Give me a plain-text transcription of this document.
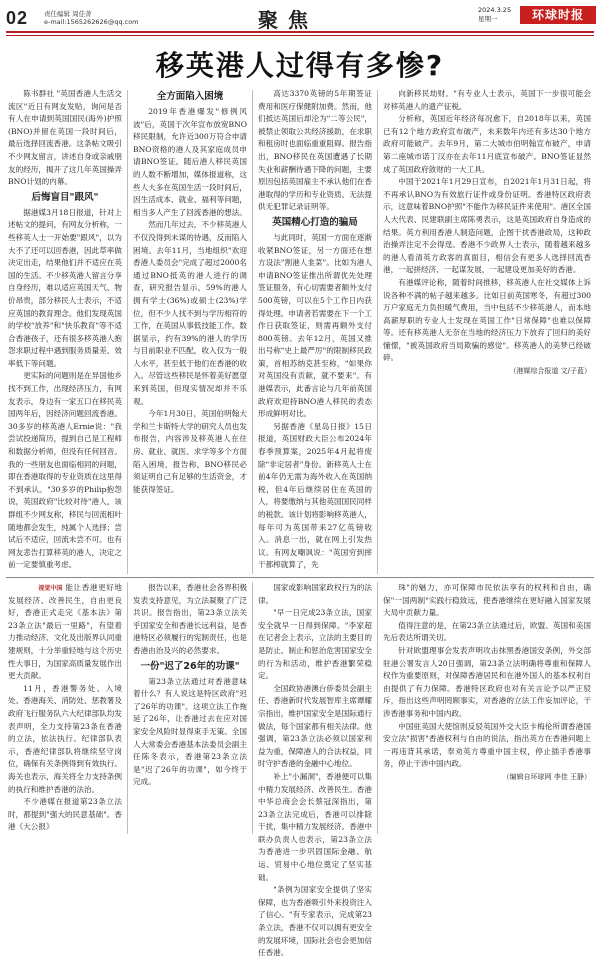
02 责任编辑 周佳菁
e-mail:1565262626@qq.com	聚焦	2024.3.25
星期一	环球时报
移英港人过得有多惨?

陈书群社 "英国香港人生活交流区"近日有网友发贴，询问是否有人在申请到英国国民(海外)护照(BNO)并留在英国一段时间后，最后选择回流香港。这条帖文吸引不少网友留言，讲述自身或亲戚朋友的经历，揭开了这几年英国操弄BNO计划的内幕。

后悔盲目"跟风"

据港媒3月18日报道，针对上述帖文的提问，有网友分析称，一些移英人士一开始要"跟风"，以为大不了还可以回香港，因此草率做决定出走，结果他们并不适应在英国的生活。不少移英港人留言分享自身经历，难以适应英国天气、物价昂贵，部分移民人士表示，不适应英国的教育理念。他们发现英国的学校"放养"和"快乐教育"等不适合香港孩子，还有很多移英港人抱怨求职过程中遇到服务质量差、效率低下等问题。

更实际的问题则是在异国他乡找不到工作，出现经济压力，有网友表示，身边有一家五口在移民英国两年后，因经济问题回流香港。30多岁的移英港人Ernie说："我尝试投递简历，提到自己是工程师和数据分析师，但没有任何回音。我的一些朋友也面临相同的问题，即在香港取得的专业资质在这里得不到承认。"30多岁的Philip抱怨说，英国政府"比较对待"港人，该群组不少网友称，移民与回流相叶随地都会发生，纯属个人选择；尝试后不适应，回流未尝不可。也有网友悲告打算移英的港人，决定之前一定要慎重考虑。

全方面陷入困境

2019年香港爆发"修例风波"后，英国于次年宣布放宽BNO移民限制，允许近300万符合申请BNO资格的港人及其家庭成员申请BNO签证。随后港人移民英国的人数不断增加，媒体报道称，这些人大多在英国生活一段时间后，因生活成本、就业、福利等问题，相当多人产生了回流香港的想法。

然而几年过去，不少移英港人不仅没得到未谋的待遇，反而陷入困境。去年11月，当地组织"欢迎香港人委员会"完成了超过2000名通过BNO抵英的港人进行的调查，研究报告显示，59%的港人拥有学士(36%)或硕士(23%)学位，但不少人找不到与学历相符的工作，在英国从事低技能工作。数据显示，约有39%的港人的学历与目前职业不匹配，收入仅为一般人水平，甚至低于他们在香港的收入。尽管这些移民是怀着美好愿望来到英国，但现实情况却并不乐观。

今年1月30日，英国伯明翰大学和兰卡斯特大学的研究人员也发布报告，内容涉及移英港人在住房、就业、就医、求学等多个方面陷入困境，报告称，BNO移民必须证明自己有足够的生活资金，才能获得签证。

高达3370英镑的5年期签证费用和医疗保健附加费。然而，他们抵达英国后却沦为"二等公民"，被禁止领取公共经济援助，在求职和租房时也面临重重阻碍。报告指出，BNO移民在英国遭遇了长期失业和薪酬待遇下降的问题，主要原因包括英国雇主不承认他们在香港取得的学历和专业资质、无法提供无犯罪记录证明等。

英国精心打造的骗局

与此同时，英国一方面在逐渐收紧BNO签证，另一方面还在想方设法"割港人韭菜"。比如为港人申请BNO签证推出所谓优先处理签证服务，有心切需要者额外支付500英镑，可以在5个工作日内获得处理。申请者若需要在下一个工作日获取签证，则需再额外支付800英镑。去年12月，英国又推出号称"史上最严厉"的限制移民政策，首相苏纳克甚至称，"如果你对英国没有贡献，就不要来"。有港媒表示，此番言论与几年前英国政府欢迎持BNO港人移民的表态形成鲜明对比。

另据香港《星岛日报》15日报道，英国财政大臣公布2024年春季预算案，2025年4月起将废除"非定居者"身份。新移英人士在前4年仍无需为海外收入在英国纳税，但4年后继续居住在英国的人，将要缴纳与其他英国国民同样的税款。该计划将影响移英港人，每年可为英国带来27亿英镑收入。消息一出，就在网上引发热议。有网友嘲讽说："英国穷到摔干都榨就算了，先

向新移民劫财。"有专业人士表示，英国下一步很可能会对移英港人的遗产征税。

分析称，英国近年经济每况愈下，自2018年以来，英国已有12个地方政府宣布破产，未来数年内还有多达30个地方政府可能破产。去年9月，第二大城市伯明翰宣布破产，申请第二座城市诺丁汉亦在去年11月底宣布破产。BNO签证显然成了英国政府敛财的一大工具。

中国于2021年1月29日宣布，自2021年1月31日起，将不再承认BNO为有效旅行证件或身份证明。香港特区政府表示，这意味着BNO护照"不能作为移民证件来使用"。港区全国人大代表、民建联副主席陈勇表示，这是英国政府自身造成的结果。英方利用香港人制造问题，企图干扰香港政局，这种政治操弄注定不会得逞。香港不少政界人士表示，随着越来越多的港人看清英方政客的真面目，相信会有更多人选择回流香港，一起拼经济、一起谋发展，一起建设更加美好的香港。

有港媒评论称，随着时间推移，移英港人在社交媒体上诉说各种不满的帖子越来越多。比如日前英国寒冬，有超过300万户家庭无力负担暖气费用，当中包括不少移英港人，而本地高薪厚职的专业人士发现在英国工作"日常保障"也难以保障等。还有移英港人无奈在当地的经济压力下放弃了回归的美好憧憬，"被英国政府当局欺骗的感觉"。移英港人的美梦已经破碎。

（港媒综合报道 文/子蓝）

视觉中国 能让香港更好地发展经济、改善民生，自由更良好，香港正式走完《基本法》第23条立法"最后一里路"，有望着力推动经济、文化及出版界认同重建规则，十分举重轻地与这个历史性大事日，为国家高质量发展作出更大贡献。

11月，香港警务处、入境处、香港海关、消防处、惩教署及政府飞行服务队六大纪律部队均发表声明，全力支持第23条在香港的立法，依法执行。纪律部队表示，香港纪律部队将继续坚守岗位，确保有关条例得到有效执行。海关也表示，海关将全力支持条例的执行和维护香港的法治。

不少港媒在报道第23条立法时，都提到"强大的民意基础"。香港《大公报》

报告以来，香港社会各界积极发表支持意见，为立法凝聚了广泛共识。报告指出，第23条立法关乎国家安全和香港长远利益，是香港特区必须履行的宪制责任，也是香港由治及兴的必然要求。

一份"迟了26年的功课"

第23条立法通过对香港意味着什么？有人说这是特区政府"迟了26年的功课"。这项立法工作拖延了26年，让香港过去在应对国家安全风险时显得束手无策。全国人大常委会香港基本法委员会副主任陈冬表示，香港第23条立法是"迟了26年的功课"，如今终于完成。

国家或影响国家政权行为的法律。

"早一日完成23条立法，国家安全就早一日得到保障。"李家超在记者会上表示，立法的主要目的是防止、制止和惩治危害国家安全的行为和活动，维护香港繁荣稳定。

全国政协港澳台侨委员会副主任、香港新时代发展智库主席谭耀宗指出，维护国家安全是国际通行做法，每个国家都有相关法律。他强调，第23条立法必须以国家利益为重，保障港人的合法权益，同时守护香港的金融中心地位。

补上"小漏洞"，香港便可以集中精力发展经济、改善民生。香港中华总商会会长蔡冠深指出，第23条立法完成后，香港可以排除干扰，集中精力发展经济。香港中联办负责人也表示，第23条立法为香港进一步巩固国际金融、航运、贸易中心地位奠定了坚实基础。

"条例为国家安全提供了坚实保障，也为香港吸引外来投资注入了信心。"有专家表示，完成第23条立法，香港不仅可以拥有更安全的发展环境，国际社会也会更加信任香港。

珠"的魅力，亦可保障市民依法享有的权利和自由，确保"一国两制"实践行稳致远，使香港继续在更好融入国家发展大局中贡献力量。

值得注意的是，在第23条立法通过后，欧盟、英国和美国先后表达所谓关切。

针对欧盟理事会发表声明攻击抹黑香港国安条例，外交部驻港公署发言人20日强调，第23条立法明确将尊重和保障人权作为重要原则，对保障香港居民和在港外国人的基本权利自由提供了有力保障。香港特区政府也对有关言论予以严正驳斥，指出这些声明罔顾事实，对香港的立法工作妄加评论，干涉香港事务和中国内政。

中国驻英国大使馆则反驳英国外交大臣卡梅伦所谓香港国安立法"损害"香港权利与自由的说法，指出英方在香港问题上一再违背其承诺，奉劝英方尊重中国主权，停止插手香港事务，停止干涉中国内政。

（编辑自环球网 李佳 王静）
